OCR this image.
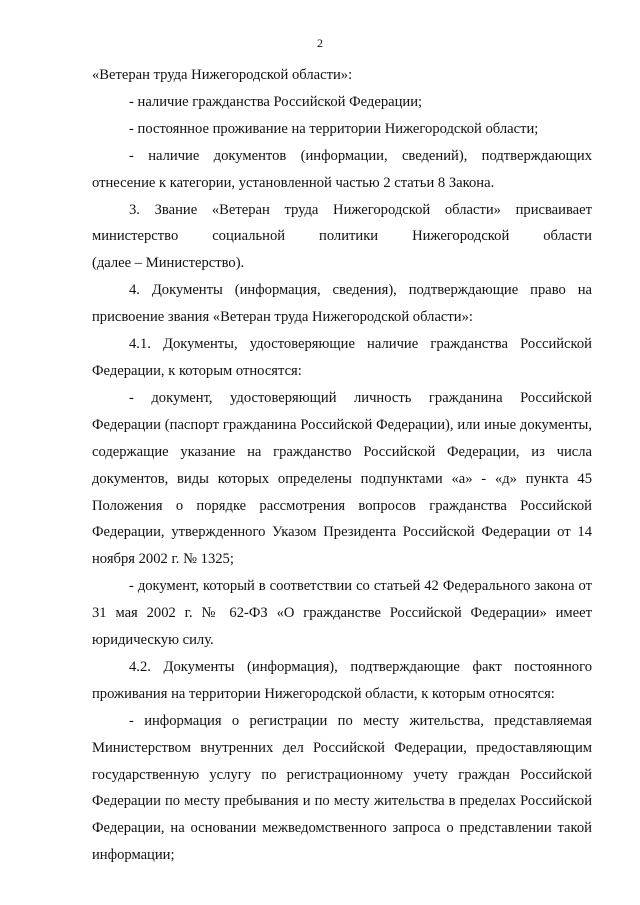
2

«Ветеран труда Нижегородской области»:

- наличие гражданства Российской Федерации;

- постоянное проживание на территории Нижегородской области;

- наличие документов (информации, сведений), подтверждающих отнесение к категории, установленной частью 2 статьи 8 Закона.

3. Звание «Ветеран труда Нижегородской области» присваивает
министерство социальной политики Нижегородской области
(далее – Министерство).

4. Документы (информация, сведения), подтверждающие право на присвоение звания «Ветеран труда Нижегородской области»:

4.1. Документы, удостоверяющие наличие гражданства Российской Федерации, к которым относятся:

- документ, удостоверяющий личность гражданина Российской Федерации (паспорт гражданина Российской Федерации), или иные документы, содержащие указание на гражданство Российской Федерации, из числа документов, виды которых определены подпунктами «а» - «д» пункта 45 Положения о порядке рассмотрения вопросов гражданства Российской Федерации, утвержденного Указом Президента Российской Федерации от 14 ноября 2002 г. № 1325;

- документ, который в соответствии со статьей 42 Федерального закона от 31 мая 2002 г. № 62-ФЗ «О гражданстве Российской Федерации» имеет юридическую силу.

4.2. Документы (информация), подтверждающие факт постоянного проживания на территории Нижегородской области, к которым относятся:

- информация о регистрации по месту жительства, представляемая Министерством внутренних дел Российской Федерации, предоставляющим государственную услугу по регистрационному учету граждан Российской Федерации по месту пребывания и по месту жительства в пределах Российской Федерации, на основании межведомственного запроса о представлении такой информации;
